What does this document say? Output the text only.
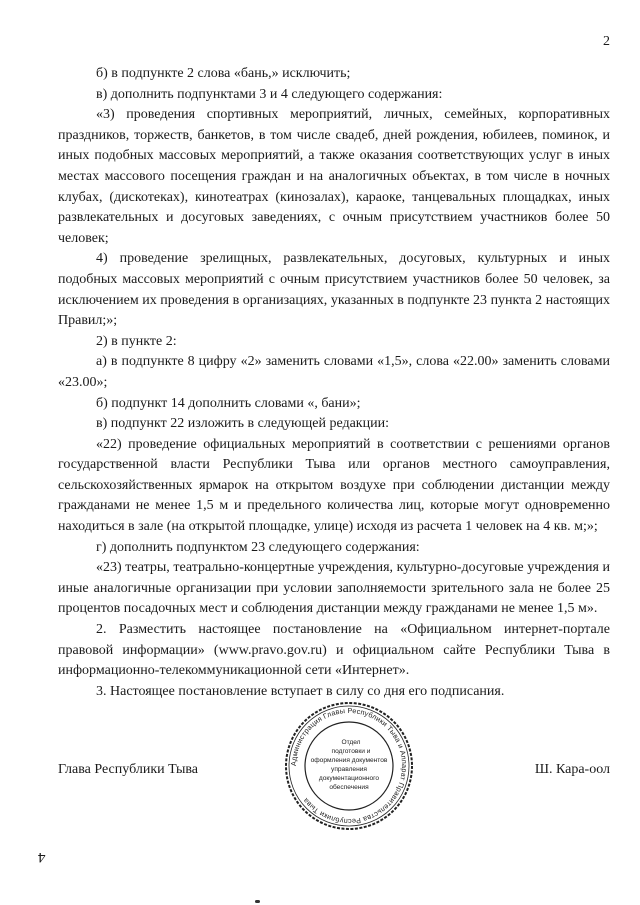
2

б) в подпункте 2 слова «бань,» исключить;

в) дополнить подпунктами 3 и 4 следующего содержания:

«3) проведения спортивных мероприятий, личных, семейных, корпоративных праздников, торжеств, банкетов, в том числе свадеб, дней рождения, юбилеев, поминок, и иных подобных массовых мероприятий, а также оказания соответствующих услуг в иных местах массового посещения граждан и на аналогичных объектах, в том числе в ночных клубах, (дискотеках), кинотеатрах (кинозалах), караоке, танцевальных площадках, иных развлекательных и досуговых заведениях, с очным присутствием участников более 50 человек;

4) проведение зрелищных, развлекательных, досуговых, культурных и иных подобных массовых мероприятий с очным присутствием участников более 50 человек, за исключением их проведения в организациях, указанных в подпункте 23 пункта 2 настоящих Правил;»;

2) в пункте 2:

а) в подпункте 8 цифру «2» заменить словами «1,5», слова «22.00» заменить словами «23.00»;

б) подпункт 14 дополнить словами «, бани»;

в) подпункт 22 изложить в следующей редакции:

«22) проведение официальных мероприятий в соответствии с решениями органов государственной власти Республики Тыва или органов местного самоуправления, сельскохозяйственных ярмарок на открытом воздухе при соблюдении дистанции между гражданами не менее 1,5 м и предельного количества лиц, которые могут одновременно находиться в зале (на открытой площадке, улице) исходя из расчета 1 человек на 4 кв. м;»;

г) дополнить подпунктом 23 следующего содержания:

«23) театры, театрально-концертные учреждения, культурно-досуговые учреждения и иные аналогичные организации при условии заполняемости зрительного зала не более 25 процентов посадочных мест и соблюдения дистанции между гражданами не менее 1,5 м».

2. Разместить настоящее постановление на «Официальном интернет-портале правовой информации» (www.pravo.gov.ru) и официальном сайте Республики Тыва в информационно-телекоммуникационной сети «Интернет».

3. Настоящее постановление вступает в силу со дня его подписания.

Глава Республики Тыва	Ш. Кара-оол
Администрация Главы Республики Тыва и Аппарат Правительства Республики Тыва
Отдел
подготовки и
оформления документов
управления
документационного
обеспечения
4
